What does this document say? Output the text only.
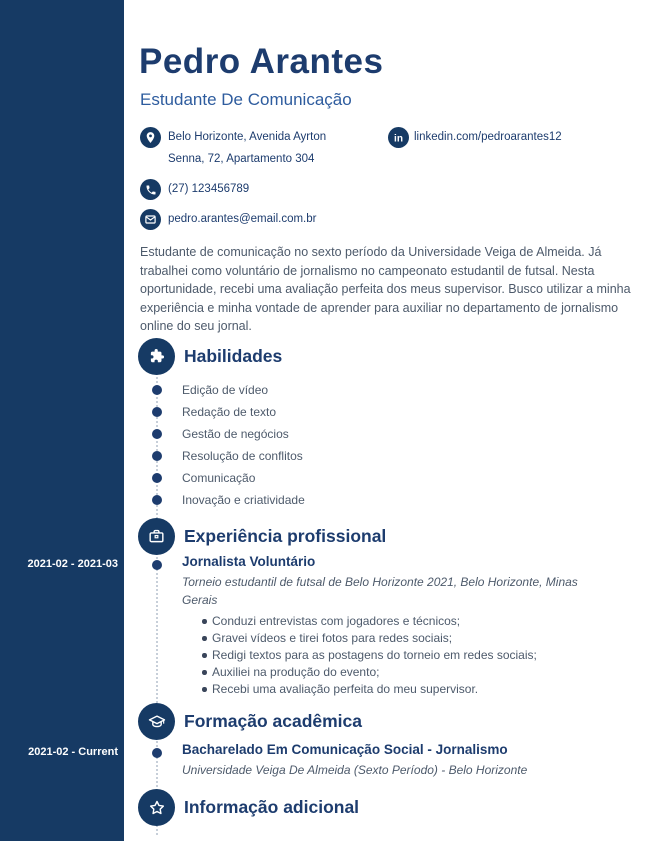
Pedro Arantes
Estudante De Comunicação
Belo Horizonte, Avenida Ayrton
Senna, 72, Apartamento 304
in linkedin.com/pedroarantes12
(27) 123456789
pedro.arantes@email.com.br
Estudante de comunicação no sexto período da Universidade Veiga de Almeida. Já trabalhei como voluntário de jornalismo no campeonato estudantil de futsal. Nesta oportunidade, recebi uma avaliação perfeita dos meus supervisor. Busco utilizar a minha experiência e minha vontade de aprender para auxiliar no departamento de jornalismo online do seu jornal.
Habilidades
Edição de vídeo
Redação de texto
Gestão de negócios
Resolução de conflitos
Comunicação
Inovação e criatividade
Experiência profissional
2021-02 - 2021-03	Jornalista Voluntário
Torneio estudantil de futsal de Belo Horizonte 2021, Belo Horizonte, Minas Gerais
Conduzi entrevistas com jogadores e técnicos;
Gravei vídeos e tirei fotos para redes sociais;
Redigi textos para as postagens do torneio em redes sociais;
Auxiliei na produção do evento;
Recebi uma avaliação perfeita do meu supervisor.
Formação acadêmica
2021-02 - Current	Bacharelado Em Comunicação Social - Jornalismo
Universidade Veiga De Almeida (Sexto Período) - Belo Horizonte
Informação adicional
